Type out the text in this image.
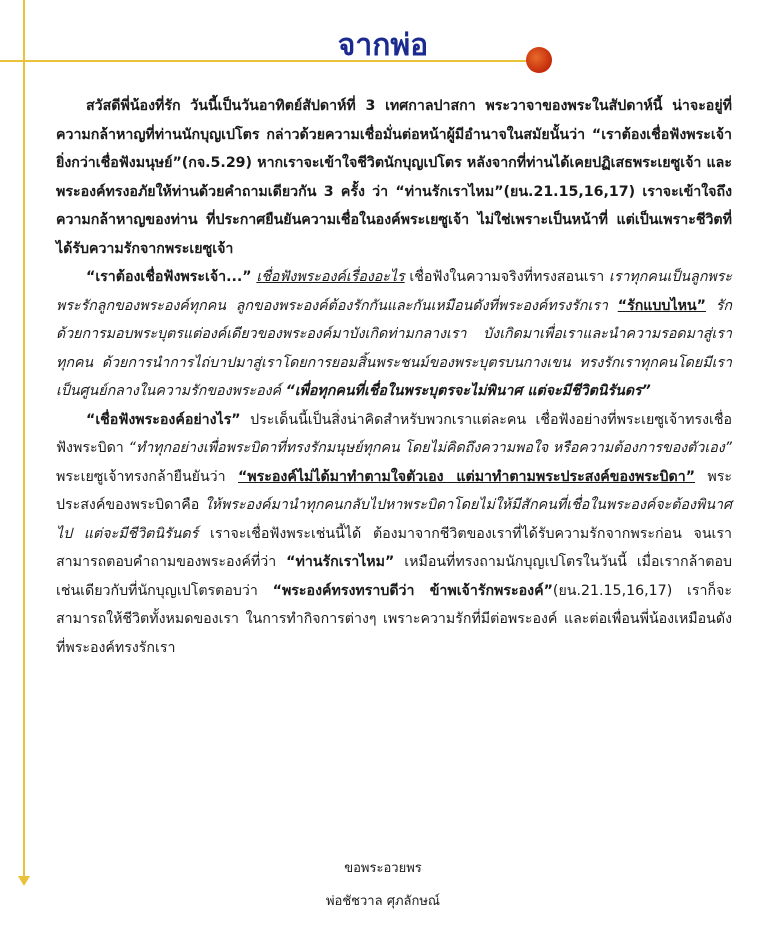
จากพ่อ

สวัสดีพี่น้องที่รัก วันนี้เป็นวันอาทิตย์สัปดาห์ที่ 3 เทศกาลปาสกา พระวาจาของพระในสัปดาห์นี้ น่าจะอยู่ที่ความกล้าหาญที่ท่านนักบุญเปโตร กล่าวด้วยความเชื่อมั่นต่อหน้าผู้มีอำนาจในสมัยนั้นว่า “เราต้องเชื่อฟังพระเจ้า ยิ่งกว่าเชื่อฟังมนุษย์”(กจ.5.29) หากเราจะเข้าใจชีวิตนักบุญเปโตร หลังจากที่ท่านได้เคยปฏิเสธพระเยซูเจ้า และพระองค์ทรงอภัยให้ท่านด้วยคำถามเดียวกัน 3 ครั้ง ว่า “ท่านรักเราไหม”(ยน.21.15,16,17) เราจะเข้าใจถึงความกล้าหาญของท่าน ที่ประกาศยืนยันความเชื่อในองค์พระเยซูเจ้า ไม่ใช่เพราะเป็นหน้าที่ แต่เป็นเพราะชีวิตที่ได้รับความรักจากพระเยซูเจ้า

“เราต้องเชื่อฟังพระเจ้า...” เชื่อฟังพระองค์เรื่องอะไร เชื่อฟังในความจริงที่ทรงสอนเรา เราทุกคนเป็นลูกพระ พระรักลูกของพระองค์ทุกคน ลูกของพระองค์ต้องรักกันและกันเหมือนดังที่พระองค์ทรงรักเรา “รักแบบไหน” รักด้วยการมอบพระบุตรแต่องค์เดียวของพระองค์มาบังเกิดท่ามกลางเรา บังเกิดมาเพื่อเราและนำความรอดมาสู่เราทุกคน ด้วยการนำการไถ่บาปมาสู่เราโดยการยอมสิ้นพระชนม์ของพระบุตรบนกางเขน ทรงรักเราทุกคนโดยมีเราเป็นศูนย์กลางในความรักของพระองค์ “เพื่อทุกคนที่เชื่อในพระบุตรจะไม่พินาศ แต่จะมีชีวิตนิรันดร”

“เชื่อฟังพระองค์อย่างไร” ประเด็นนี้เป็นสิ่งน่าคิดสำหรับพวกเราแต่ละคน เชื่อฟังอย่างที่พระเยซูเจ้าทรงเชื่อฟังพระบิดา “ทำทุกอย่างเพื่อพระบิดาที่ทรงรักมนุษย์ทุกคน โดยไม่คิดถึงความพอใจ หรือความต้องการของตัวเอง” พระเยซูเจ้าทรงกล้ายืนยันว่า “พระองค์ไม่ได้มาทำตามใจตัวเอง แต่มาทำตามพระประสงค์ของพระบิดา” พระประสงค์ของพระบิดาคือ ให้พระองค์มานำทุกคนกลับไปหาพระบิดาโดยไม่ให้มีสักคนที่เชื่อในพระองค์จะต้องพินาศไป แต่จะมีชีวิตนิรันดร์ เราจะเชื่อฟังพระเช่นนี้ได้ ต้องมาจากชีวิตของเราที่ได้รับความรักจากพระก่อน จนเราสามารถตอบคำถามของพระองค์ที่ว่า “ท่านรักเราไหม” เหมือนที่ทรงถามนักบุญเปโตรในวันนี้ เมื่อเรากล้าตอบเช่นเดียวกับที่นักบุญเปโตรตอบว่า “พระองค์ทรงทราบดีว่า ข้าพเจ้ารักพระองค์”(ยน.21.15,16,17) เราก็จะสามารถให้ชีวิตทั้งหมดของเรา ในการทำกิจการต่างๆ เพราะความรักที่มีต่อพระองค์ และต่อเพื่อนพี่น้องเหมือนดังที่พระองค์ทรงรักเรา

ขอพระอวยพร
พ่อชัชวาล ศุภลักษณ์
